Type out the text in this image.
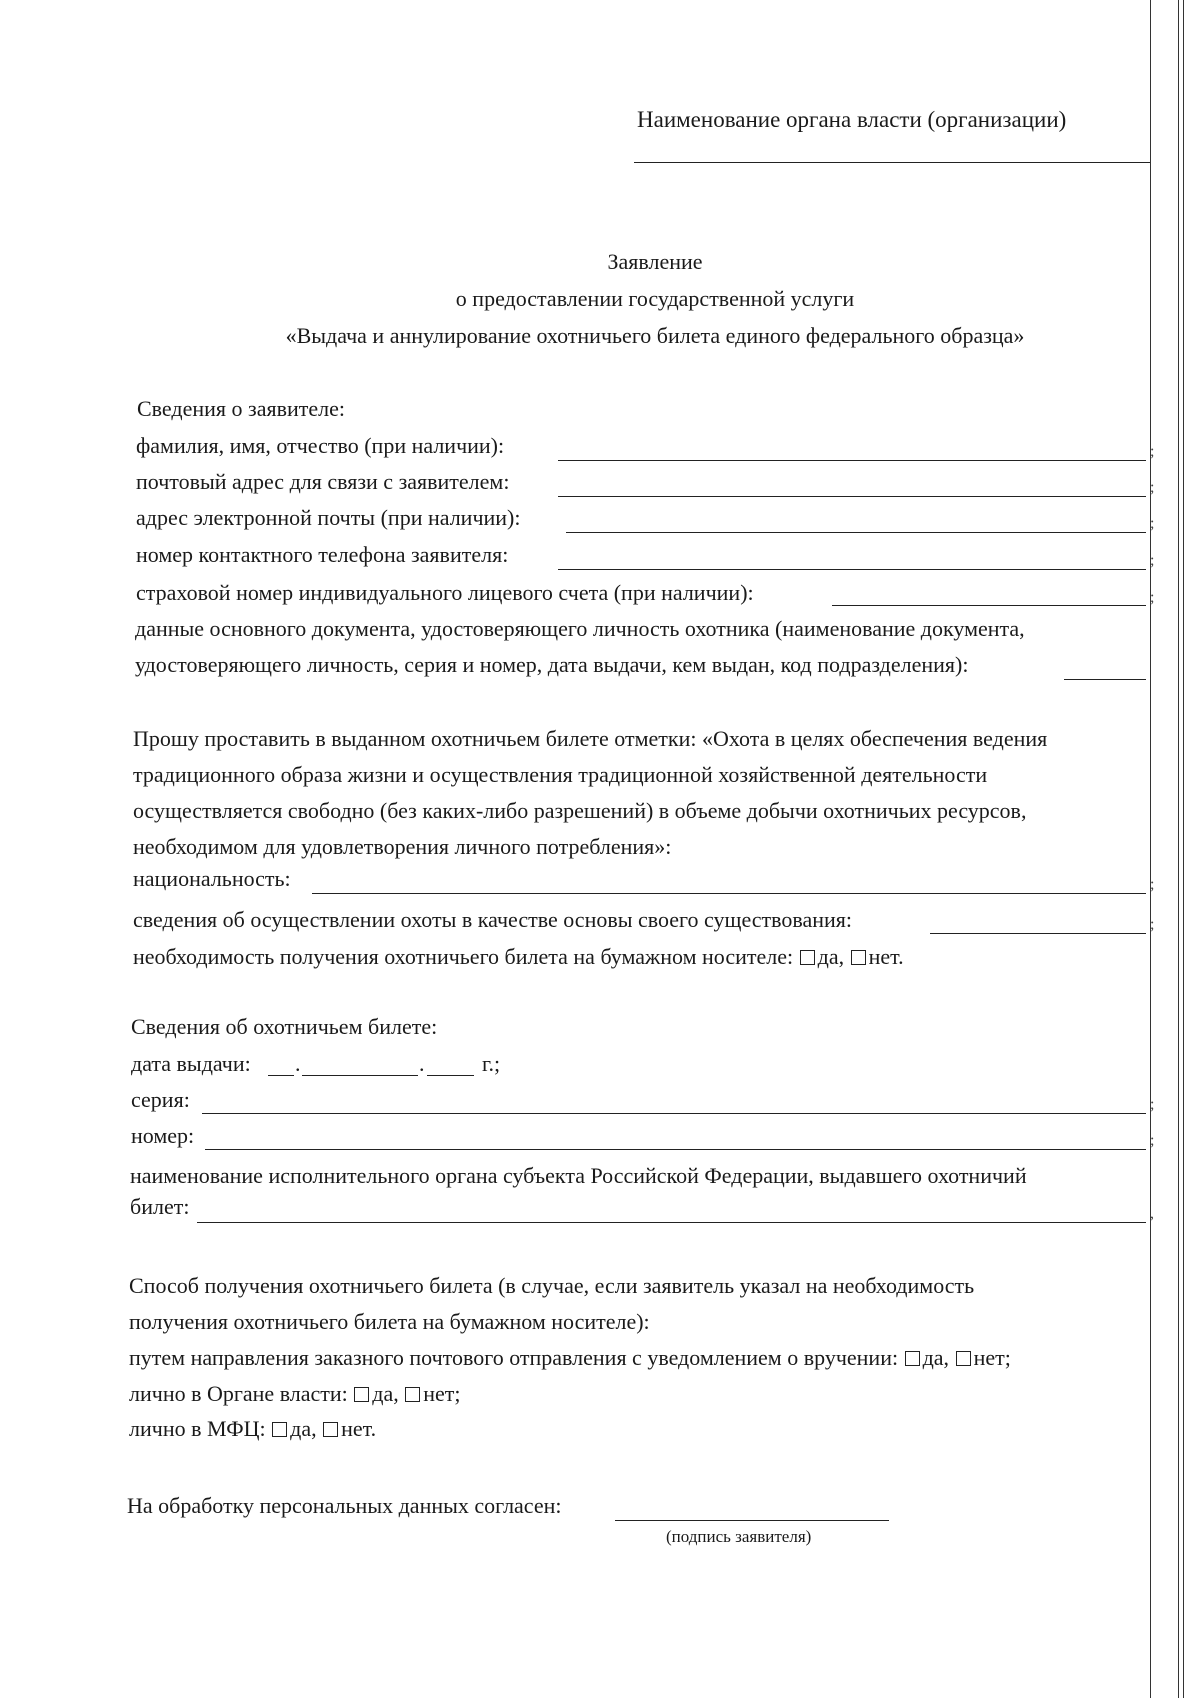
Наименование органа власти (организации)
Заявление
о предоставлении государственной услуги
«Выдача и аннулирование охотничьего билета единого федерального образца»
Сведения о заявителе:
фамилия, имя, отчество (при наличии):	;
почтовый адрес для связи с заявителем:	;
адрес электронной почты (при наличии):	;
номер контактного телефона заявителя:	;
страховой номер индивидуального лицевого счета (при наличии):	;
данные основного документа, удостоверяющего личность охотника (наименование документа,
удостоверяющего личность, серия и номер, дата выдачи, кем выдан, код подразделения):
Прошу проставить в выданном охотничьем билете отметки: «Охота в целях обеспечения ведения
традиционного образа жизни и осуществления традиционной хозяйственной деятельности
осуществляется свободно (без каких-либо разрешений) в объеме добычи охотничьих ресурсов,
необходимом для удовлетворения личного потребления»:
национальность:	;
сведения об осуществлении охоты в качестве основы своего существования:	;
необходимость получения охотничьего билета на бумажном носителе: да, нет.
Сведения об охотничьем билете:
дата выдачи: .	.	г.;
серия:	;
номер:	;
наименование исполнительного органа субъекта Российской Федерации, выдавшего охотничий
билет:	,
Способ получения охотничьего билета (в случае, если заявитель указал на необходимость
получения охотничьего билета на бумажном носителе):
путем направления заказного почтового отправления с уведомлением о вручении: да, нет;
лично в Органе власти: да, нет;
лично в МФЦ: да, нет.
На обработку персональных данных согласен:
(подпись заявителя)
